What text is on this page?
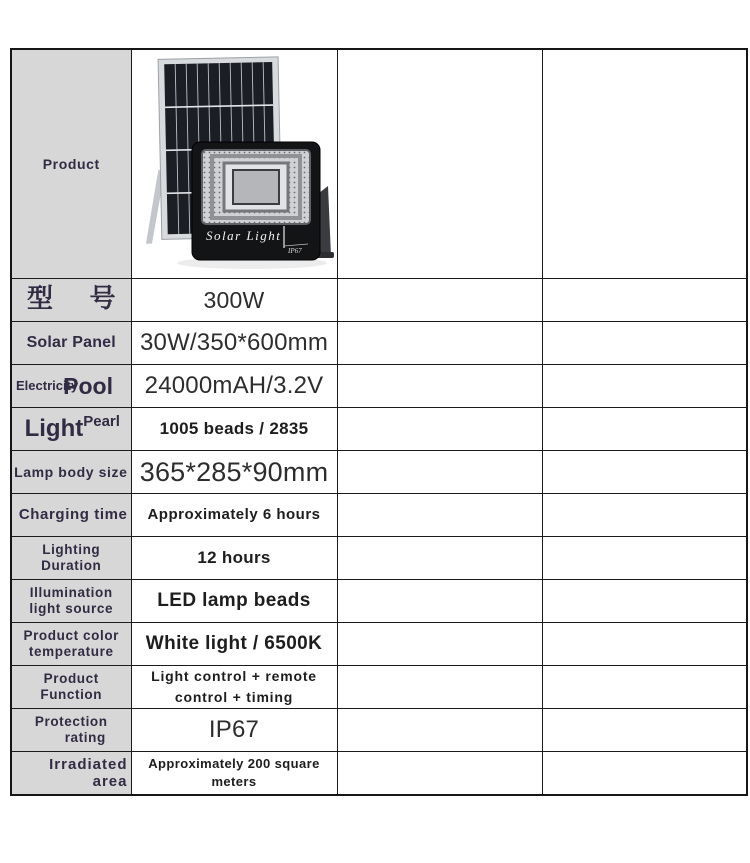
Product	Solar Light
IP67		

型 号	300W		
Solar Panel	30W/350*600mm		

Electricity
Pool	24000mAH/3.2V		

Light Pearl	1005 beads / 2835		
Lamp body size	365*285*90mm		
Charging time	Approximately 6 hours		

Lighting
Duration	12 hours		

Illumination
light source	LED lamp beads		

Product color
temperature	White light / 6500K		

Product
Function	Light control + remote
control + timing		

Protection
rating	IP67		
Irradiated area	Approximately 200 square meters		
